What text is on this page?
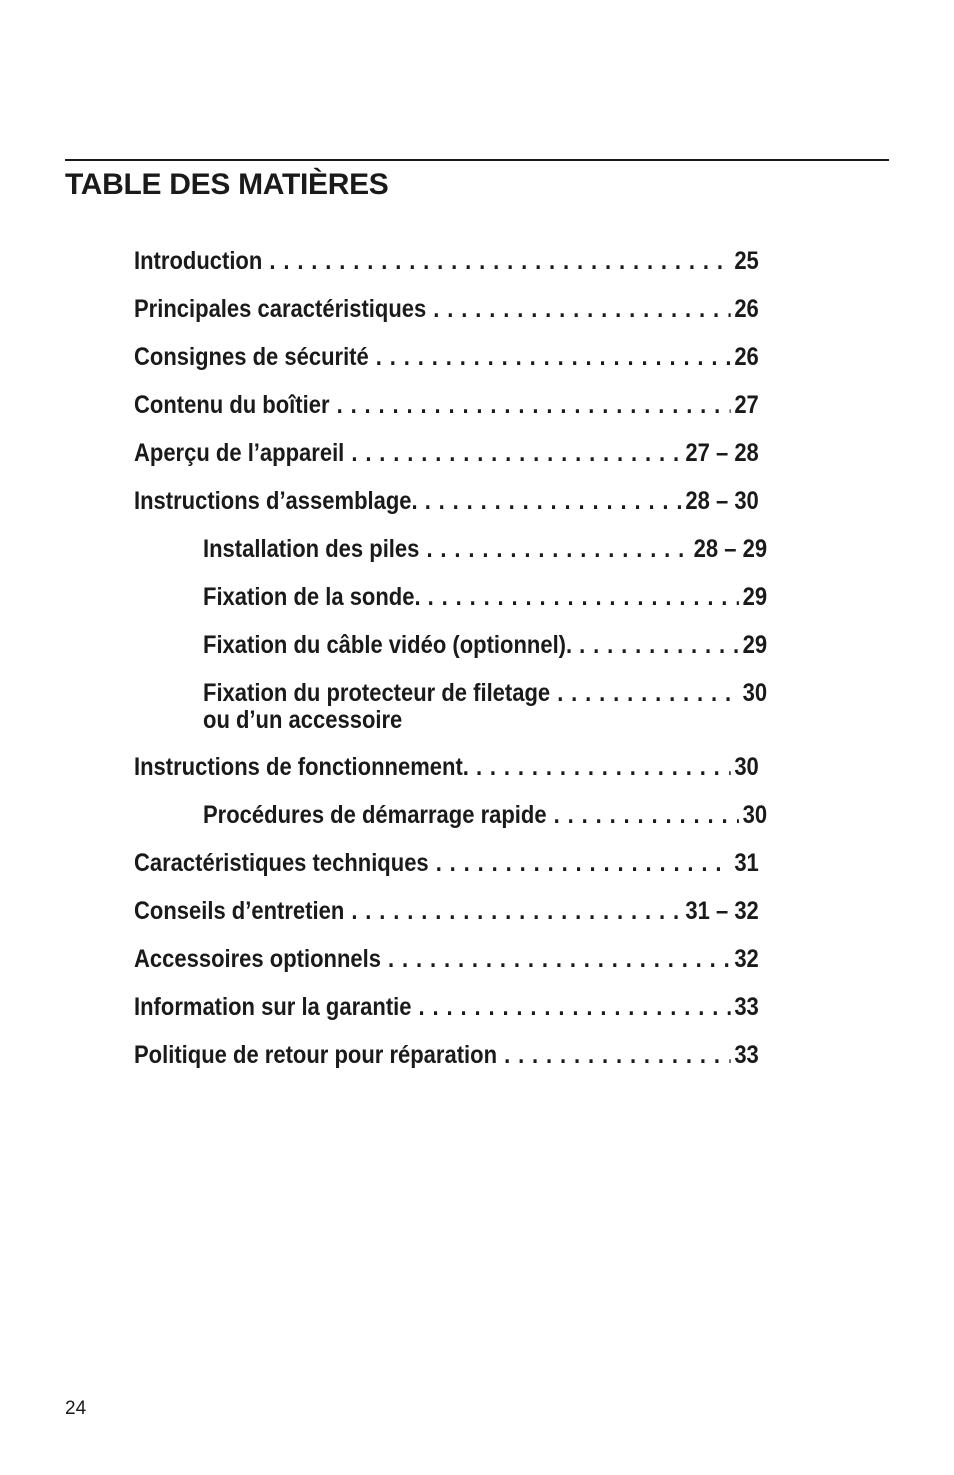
TABLE DES MATIÈRES
Introduction . . .	25
Principales caractéristiques . . .	26
Consignes de sécurité . . .	26
Contenu du boîtier . . .	27
Aperçu de l’appareil . . .	27 – 28
Instructions d’assemblage. . . .	28 – 30
Installation des piles . . .	28 – 29
Fixation de la sonde. . . .	29
Fixation du câble vidéo (optionnel). . . .	29
Fixation du protecteur de filetage . . .	30
ou d’un accessoire
Instructions de fonctionnement. . . .	30
Procédures de démarrage rapide . . .	30
Caractéristiques techniques . . .	31
Conseils d’entretien . . .	31 – 32
Accessoires optionnels . . .	32
Information sur la garantie . . .	33
Politique de retour pour réparation . . .	33
24
